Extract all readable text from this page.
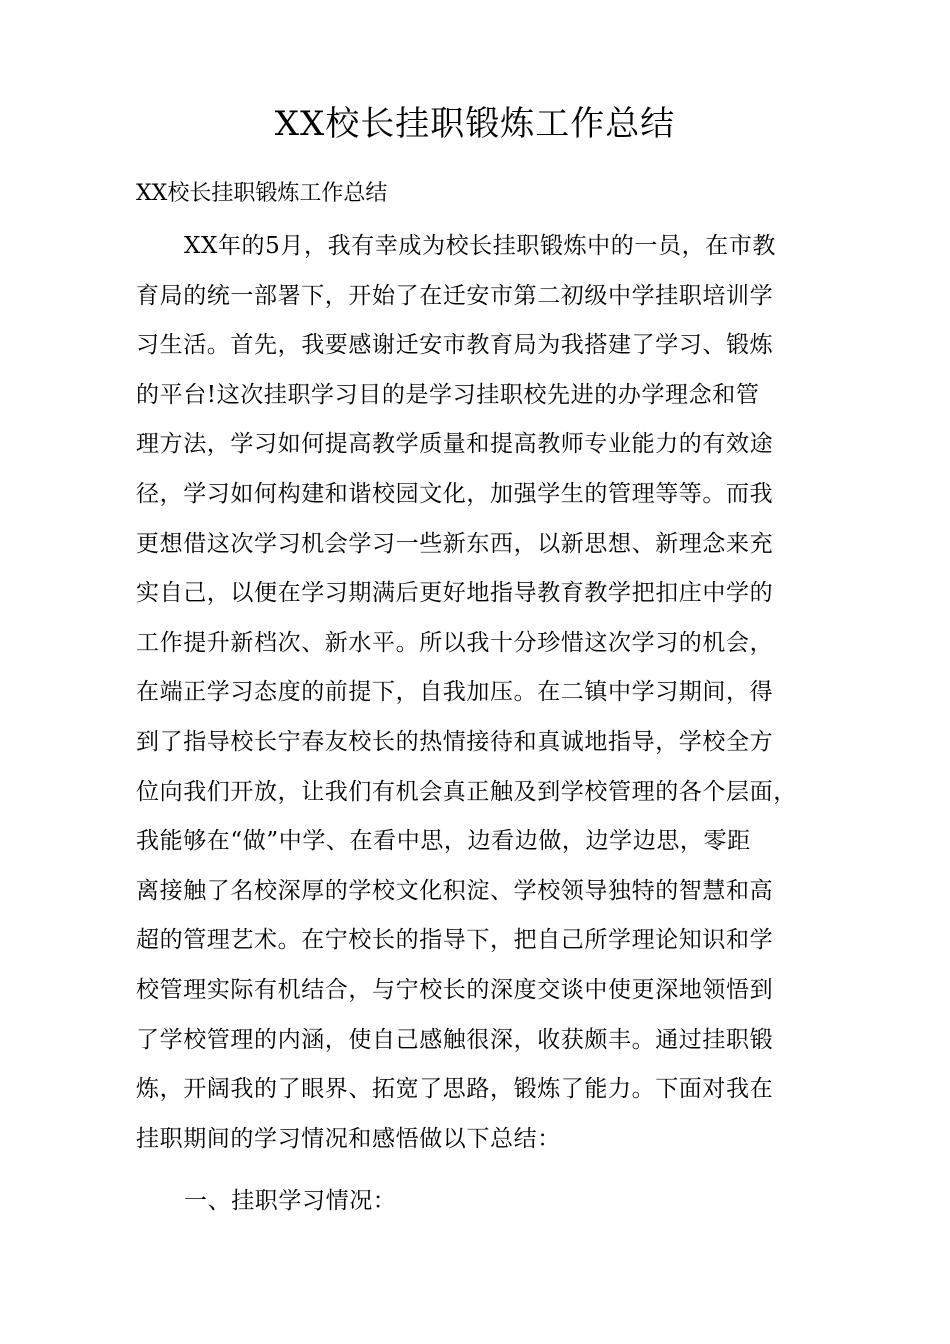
XX校长挂职锻炼工作总结

XX校长挂职锻炼工作总结

XX年的5月，我有幸成为校长挂职锻炼中的一员，在市教
育局的统一部署下，开始了在迁安市第二初级中学挂职培训学
习生活。首先，我要感谢迁安市教育局为我搭建了学习、锻炼
的平台!这次挂职学习目的是学习挂职校先进的办学理念和管
理方法，学习如何提高教学质量和提高教师专业能力的有效途
径，学习如何构建和谐校园文化，加强学生的管理等等。而我
更想借这次学习机会学习一些新东西，以新思想、新理念来充
实自己，以便在学习期满后更好地指导教育教学把扣庄中学的
工作提升新档次、新水平。所以我十分珍惜这次学习的机会，
在端正学习态度的前提下，自我加压。在二镇中学习期间，得
到了指导校长宁春友校长的热情接待和真诚地指导，学校全方
位向我们开放，让我们有机会真正触及到学校管理的各个层面，
我能够在“做”中学、在看中思，边看边做，边学边思，零距
离接触了名校深厚的学校文化积淀、学校领导独特的智慧和高
超的管理艺术。在宁校长的指导下，把自己所学理论知识和学
校管理实际有机结合，与宁校长的深度交谈中使更深地领悟到
了学校管理的内涵，使自己感触很深，收获颇丰。通过挂职锻
炼，开阔我的了眼界、拓宽了思路，锻炼了能力。下面对我在
挂职期间的学习情况和感悟做以下总结：
一、挂职学习情况：
